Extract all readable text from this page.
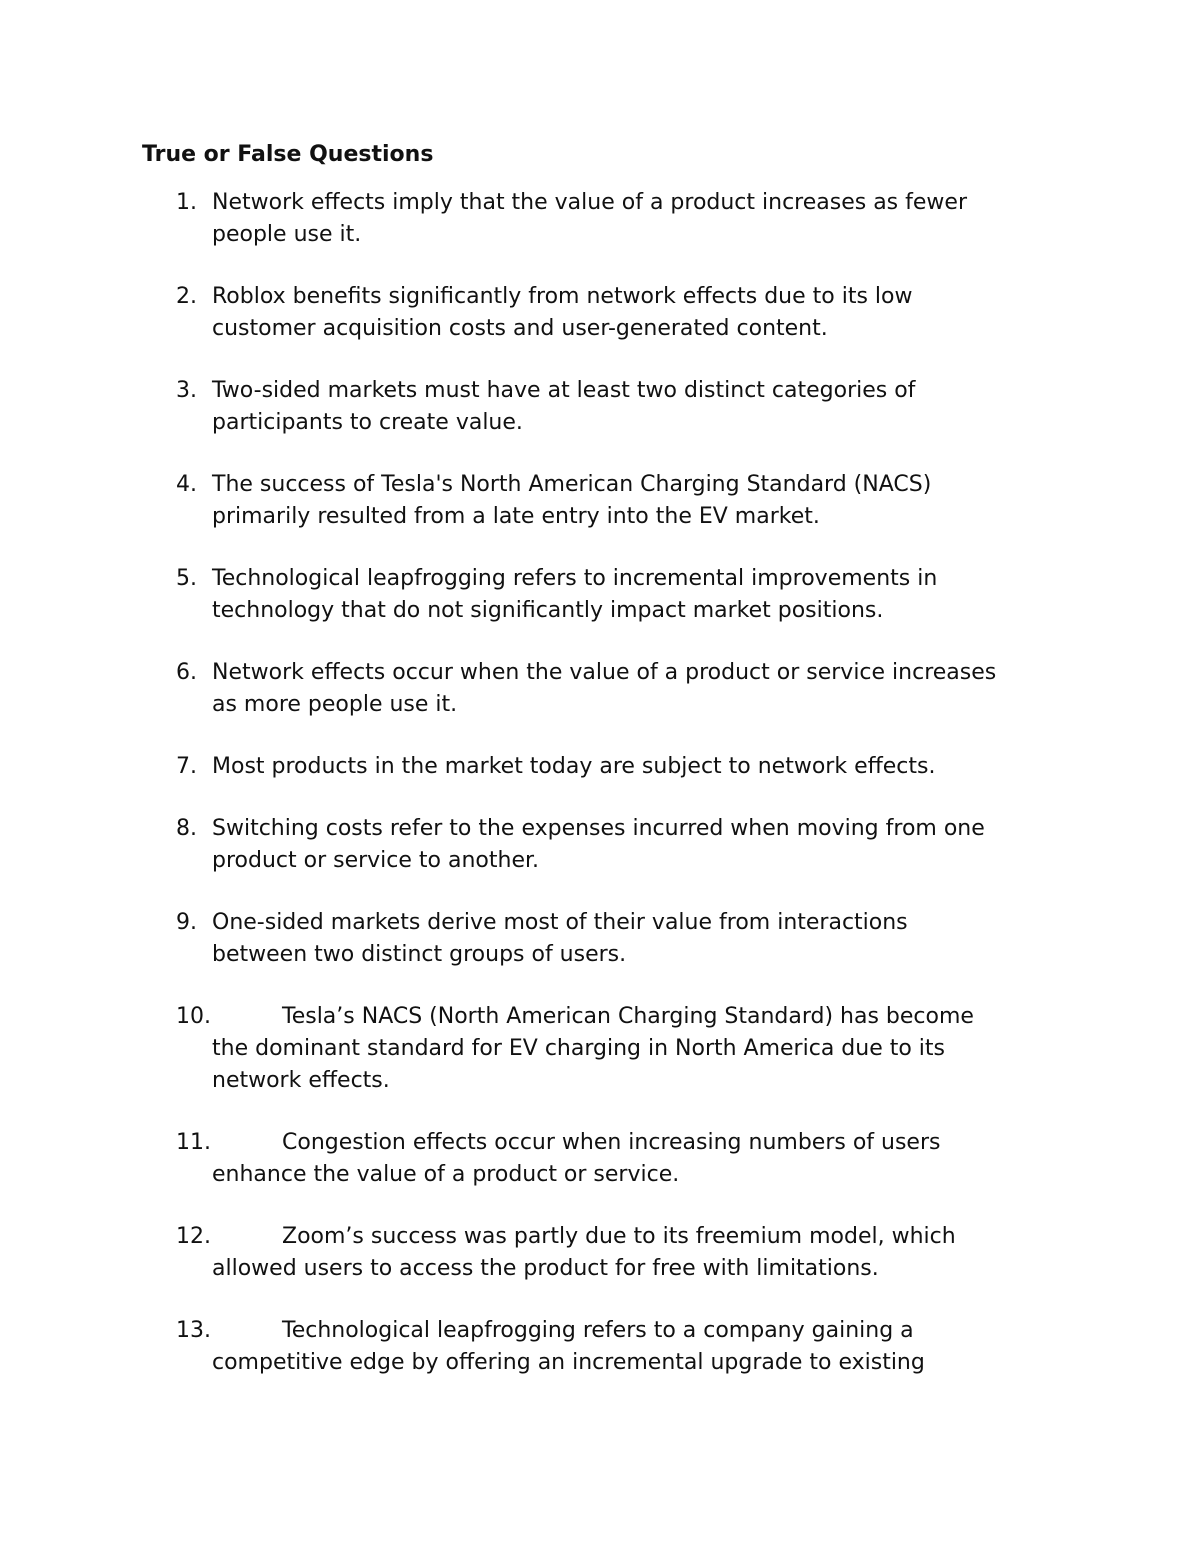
True or False Questions
1. Network effects imply that the value of a product increases as fewer
people use it.
2. Roblox benefits significantly from network effects due to its low
customer acquisition costs and user-generated content.
3. Two-sided markets must have at least two distinct categories of
participants to create value.
4. The success of Tesla's North American Charging Standard (NACS)
primarily resulted from a late entry into the EV market.
5. Technological leapfrogging refers to incremental improvements in
technology that do not significantly impact market positions.
6. Network effects occur when the value of a product or service increases
as more people use it.
7. Most products in the market today are subject to network effects.
8. Switching costs refer to the expenses incurred when moving from one
product or service to another.
9. One-sided markets derive most of their value from interactions
between two distinct groups of users.
10.	Tesla’s NACS (North American Charging Standard) has become
the dominant standard for EV charging in North America due to its
network effects.
11.	Congestion effects occur when increasing numbers of users
enhance the value of a product or service.
12.	Zoom’s success was partly due to its freemium model, which
allowed users to access the product for free with limitations.
13.	Technological leapfrogging refers to a company gaining a
competitive edge by offering an incremental upgrade to existing
